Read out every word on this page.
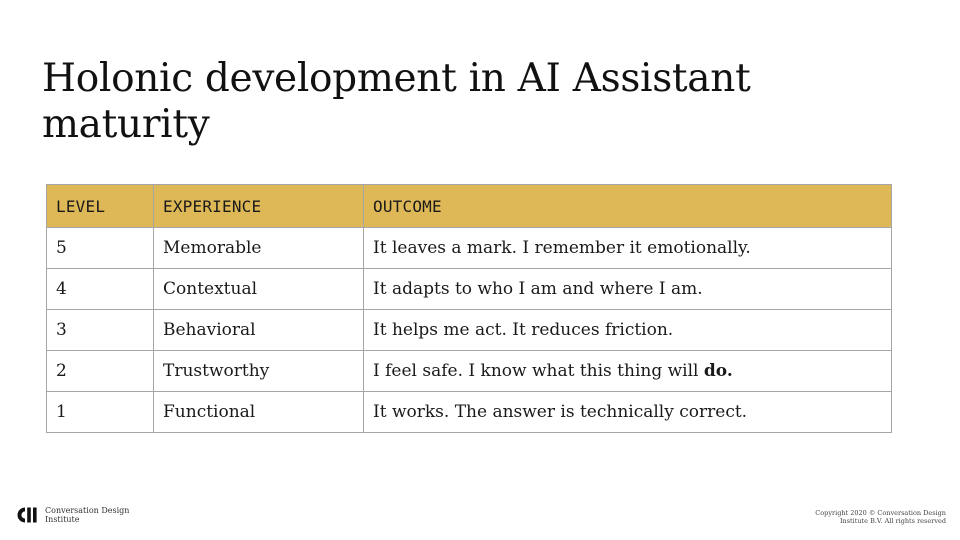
Holonic development in AI Assistant maturity
LEVEL	EXPERIENCE	OUTCOME
5	Memorable	It leaves a mark. I remember it emotionally.
4	Contextual	It adapts to who I am and where I am.
3	Behavioral	It helps me act. It reduces friction.
2	Trustworthy	I feel safe. I know what this thing will do.
1	Functional	It works. The answer is technically correct.
Conversation Design Institute
Copyright 2020 © Conversation Design Institute B.V. All rights reserved
